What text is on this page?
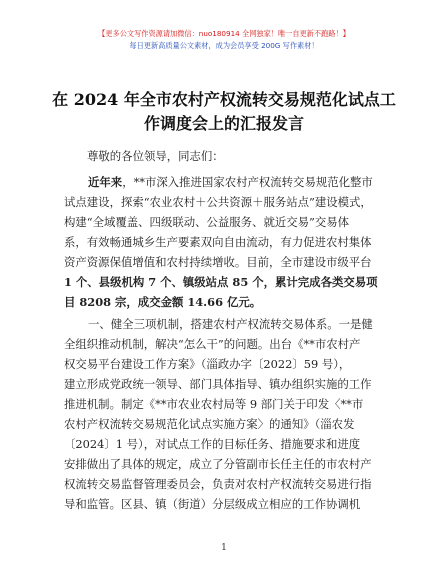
【更多公文写作资源请加微信：nuo180914 全网独家！唯一自更新不跑路！】
每日更新高质量公文素材，成为会员享受 200G 写作素材！
在 2024 年全市农村产权流转交易规范化试点工
作调度会上的汇报发言
尊敬的各位领导，同志们：
近年来，**市深入推进国家农村产权流转交易规范化整市
试点建设，探索“农业农村＋公共资源＋服务站点”建设模式，
构建“全域覆盖、四级联动、公益服务、就近交易”交易体
系，有效畅通城乡生产要素双向自由流动，有力促进农村集体
资产资源保值增值和农村持续增收。目前，全市建设市级平台
1 个、县级机构 7 个、镇级站点 85 个，累计完成各类交易项
目 8208 宗，成交金额 14.66 亿元。
一、健全三项机制，搭建农村产权流转交易体系。一是健
全组织推动机制，解决“怎么干”的问题。出台《**市农村产
权交易平台建设工作方案》（淄政办字〔2022〕59 号），
建立形成党政统一领导、部门具体指导、镇办组织实施的工作
推进机制。制定《**市农业农村局等 9 部门关于印发〈**市
农村产权流转交易规范化试点实施方案〉的通知》（淄农发
〔2024〕1 号），对试点工作的目标任务、措施要求和进度
安排做出了具体的规定，成立了分管副市长任主任的市农村产
权流转交易监督管理委员会，负责对农村产权流转交易进行指
导和监管。区县、镇（街道）分层级成立相应的工作协调机
1
